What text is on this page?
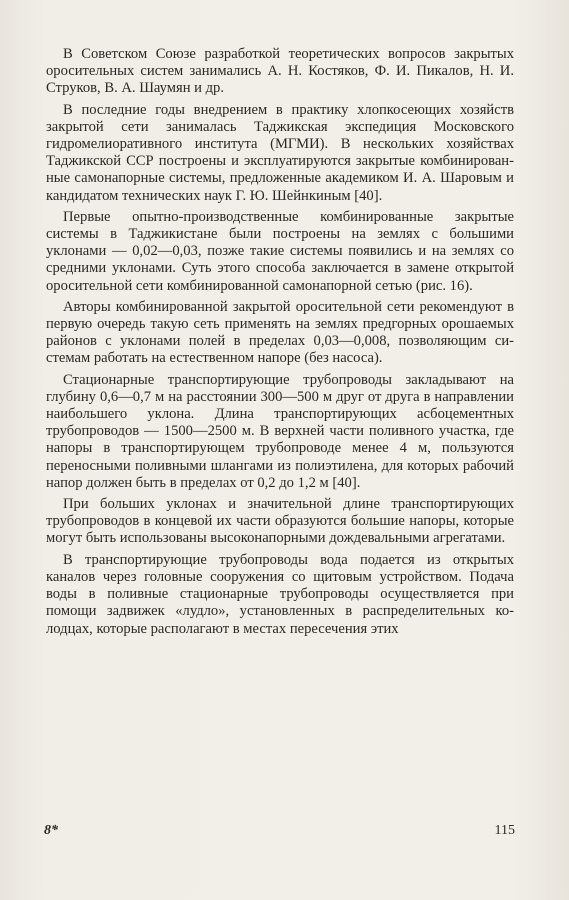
В Советском Союзе разработкой теоретических вопросов закрытых оросительных систем занимались А. Н. Костяков, Ф. И. Пикалов, Н. И. Струков, В. А. Шаумян и др.

В последние годы внедрением в практику хлопкосеющих хозяйств закрытой сети занималась Таджикская экспедиция Московского гидромелиоративного института (МГМИ). В нескольких хозяйствах Таджикской ССР построены и эксплуатируются закрытые комбинированные самонапорные системы, предложенные академиком И. А. Шаровым и кандидатом технических наук Г. Ю. Шейнкиным [40].

Первые опытно-производственные комбинированные закрытые системы в Таджикистане были построены на землях с большими уклонами — 0,02—0,03, позже такие системы появились и на землях со средними уклонами. Суть этого способа заключается в замене открытой оросительной сети комбинированной самонапорной сетью (рис. 16).

Авторы комбинированной закрытой оросительной сети рекомендуют в первую очередь такую сеть применять на землях предгорных орошаемых районов с уклонами полей в пределах 0,03—0,008, позволяющим системам работать на естественном напоре (без насоса).

Стационарные транспортирующие трубопроводы закладывают на глубину 0,6—0,7 м на расстоянии 300—500 м друг от друга в направлении наибольшего уклона. Длина транспортирующих асбоцементных трубопроводов — 1500—2500 м. В верхней части поливного участка, где напоры в транспортирующем трубопроводе менее 4 м, пользуются переносными поливными шлангами из полиэтилена, для которых рабочий напор должен быть в пределах от 0,2 до 1,2 м [40].

При больших уклонах и значительной длине транспортирующих трубопроводов в концевой их части образуются большие напоры, которые могут быть использованы высоконапорными дождевальными агрегатами.

В транспортирующие трубопроводы вода подается из открытых каналов через головные сооружения со щитовым устройством. Подача воды в поливные стационарные трубопроводы осуществляется при помощи задвижек «лудло», установленных в распределительных колодцах, которые располагают в местах пересечения этих

8*	115
